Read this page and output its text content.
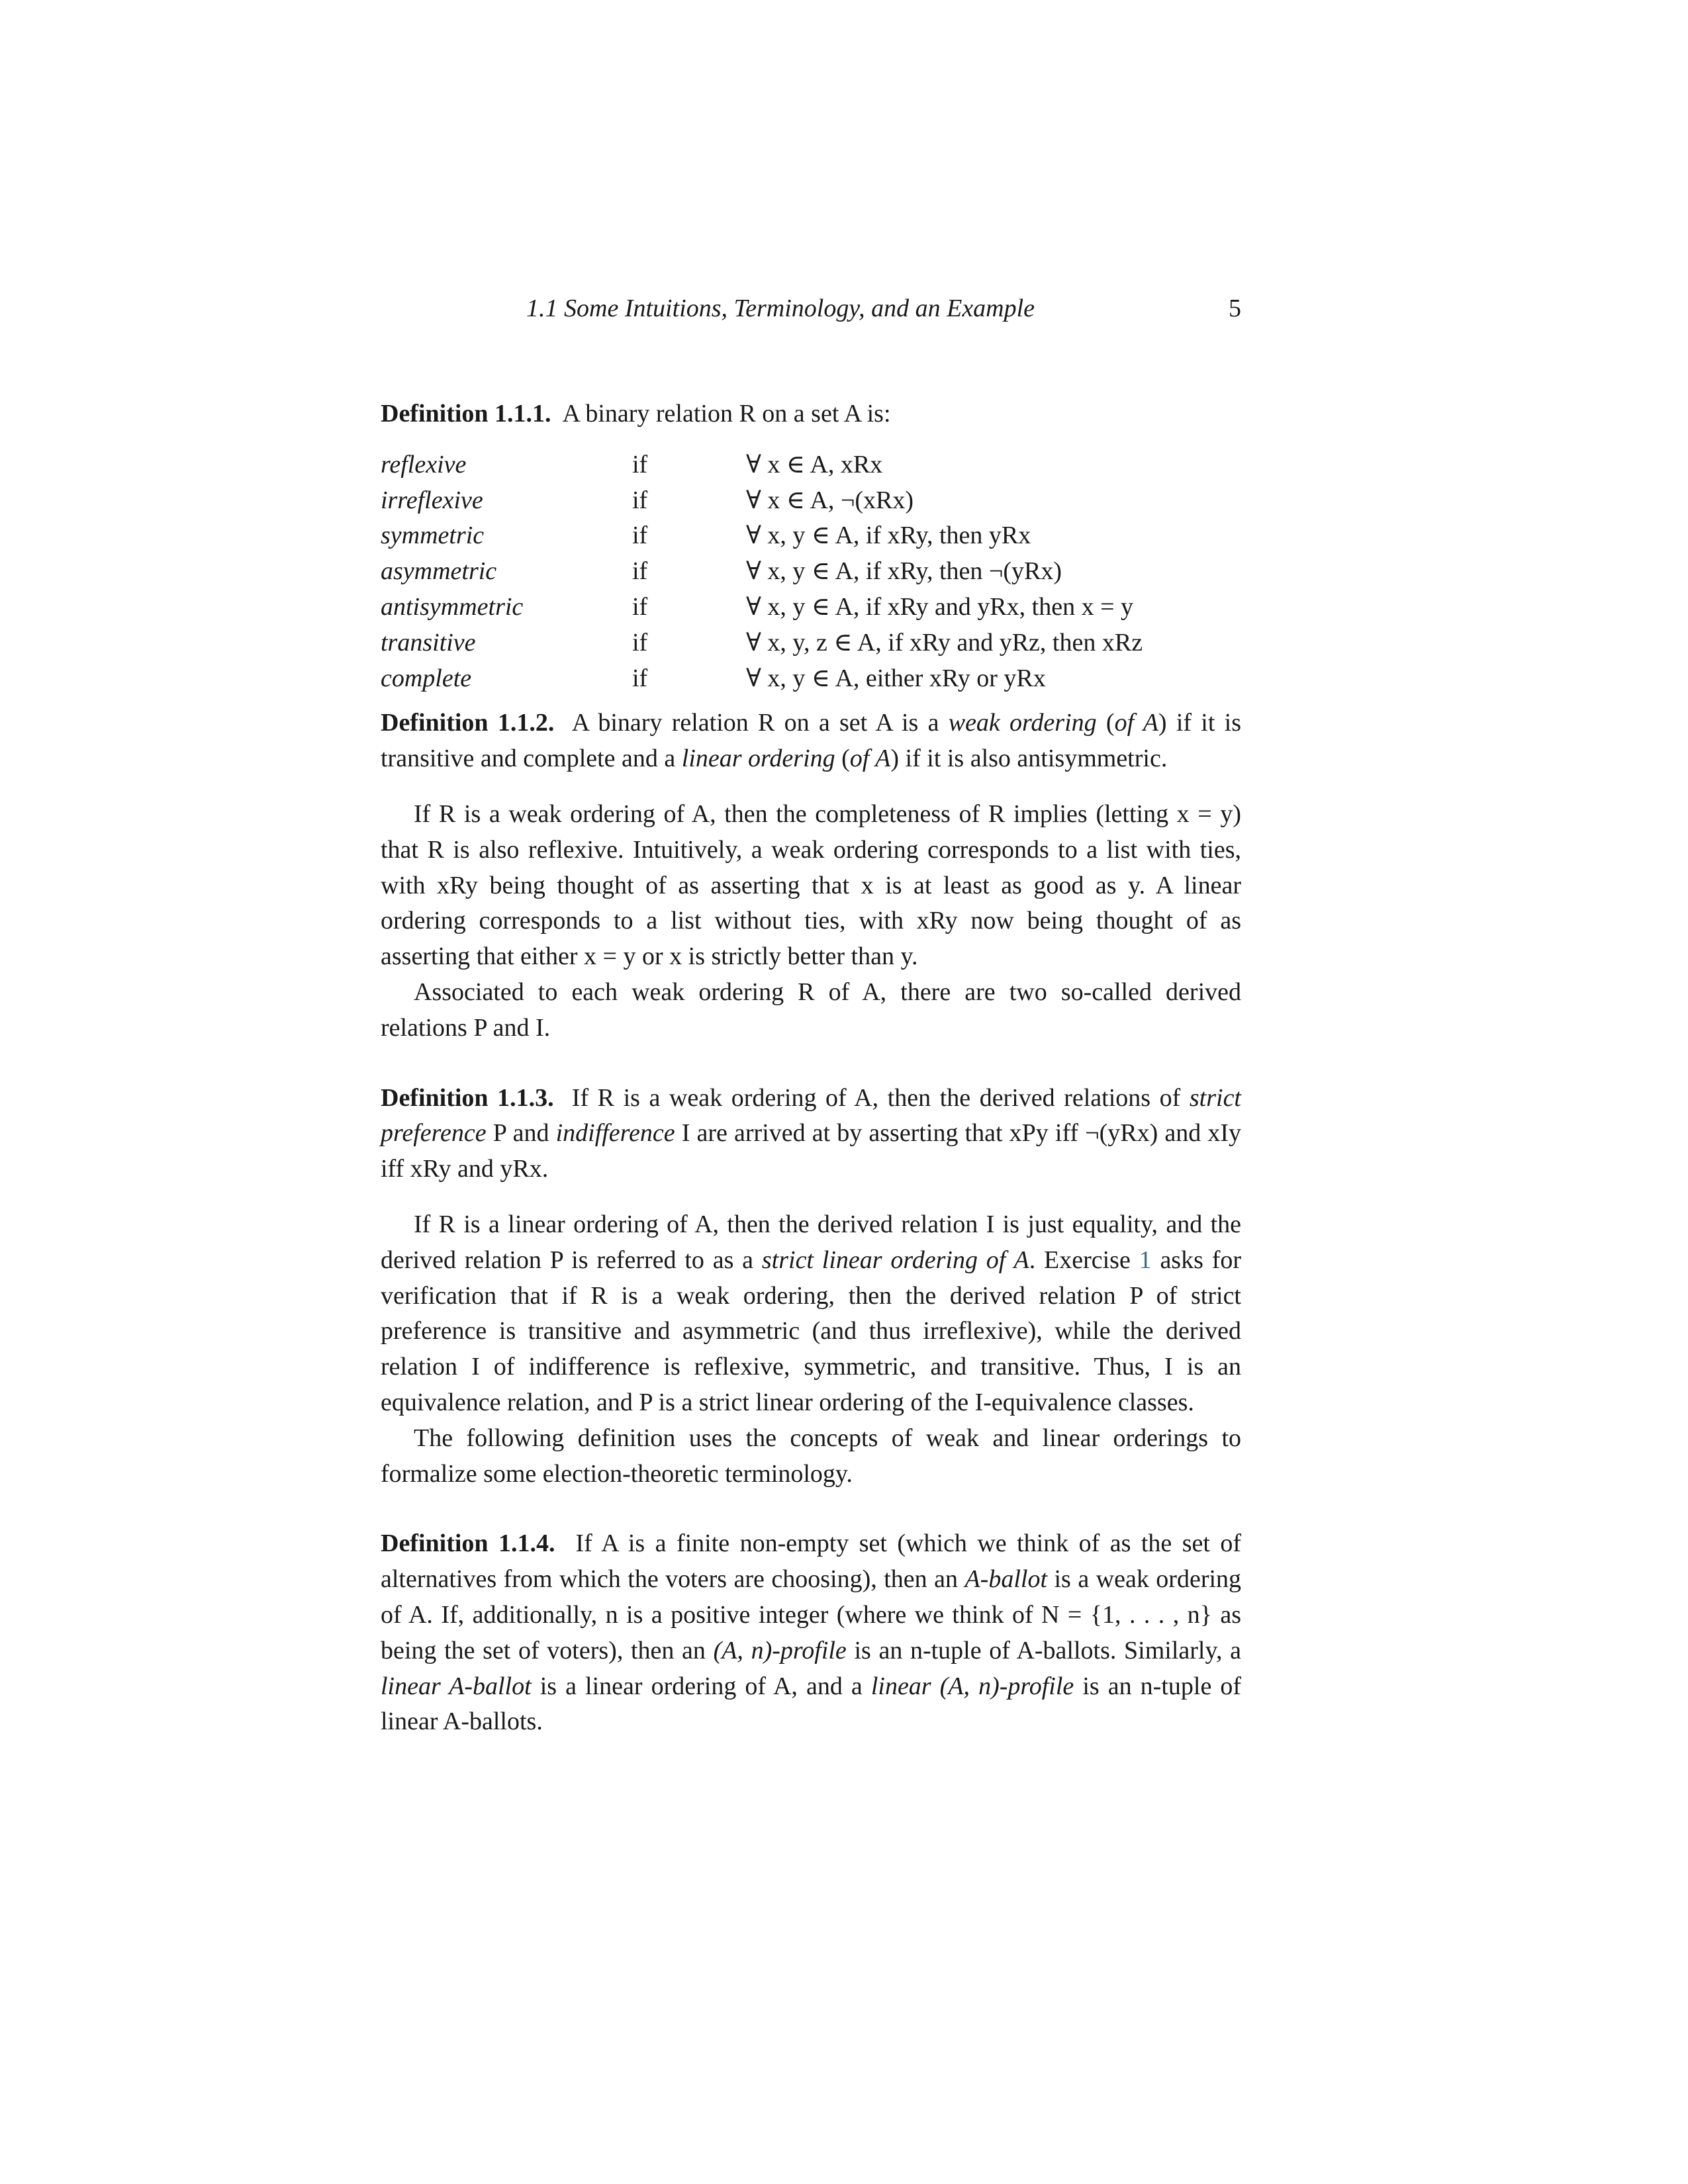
1.1 Some Intuitions, Terminology, and an Example	5

Definition 1.1.1. A binary relation R on a set A is:

reflexive	if	∀ x ∈ A, xRx
irreflexive	if	∀ x ∈ A, ¬(xRx)
symmetric	if	∀ x, y ∈ A, if xRy, then yRx
asymmetric	if	∀ x, y ∈ A, if xRy, then ¬(yRx)
antisymmetric	if	∀ x, y ∈ A, if xRy and yRx, then x = y
transitive	if	∀ x, y, z ∈ A, if xRy and yRz, then xRz
complete	if	∀ x, y ∈ A, either xRy or yRx

Definition 1.1.2. A binary relation R on a set A is a weak ordering (of A) if it is transitive and complete and a linear ordering (of A) if it is also antisymmetric.

If R is a weak ordering of A, then the completeness of R implies (letting x = y) that R is also reflexive. Intuitively, a weak ordering corresponds to a list with ties, with xRy being thought of as asserting that x is at least as good as y. A linear ordering corresponds to a list without ties, with xRy now being thought of as asserting that either x = y or x is strictly better than y.

Associated to each weak ordering R of A, there are two so-called derived relations P and I.

Definition 1.1.3. If R is a weak ordering of A, then the derived relations of strict preference P and indifference I are arrived at by asserting that xPy iff ¬(yRx) and xIy iff xRy and yRx.

If R is a linear ordering of A, then the derived relation I is just equality, and the derived relation P is referred to as a strict linear ordering of A. Exercise 1 asks for verification that if R is a weak ordering, then the derived relation P of strict preference is transitive and asymmetric (and thus irreflexive), while the derived relation I of indifference is reflexive, symmetric, and transitive. Thus, I is an equivalence relation, and P is a strict linear ordering of the I-equivalence classes.

The following definition uses the concepts of weak and linear orderings to formalize some election-theoretic terminology.

Definition 1.1.4. If A is a finite non-empty set (which we think of as the set of alternatives from which the voters are choosing), then an A-ballot is a weak ordering of A. If, additionally, n is a positive integer (where we think of N = {1, . . . , n} as being the set of voters), then an (A, n)-profile is an n-tuple of A-ballots. Similarly, a linear A-ballot is a linear ordering of A, and a linear (A, n)-profile is an n-tuple of linear A-ballots.
